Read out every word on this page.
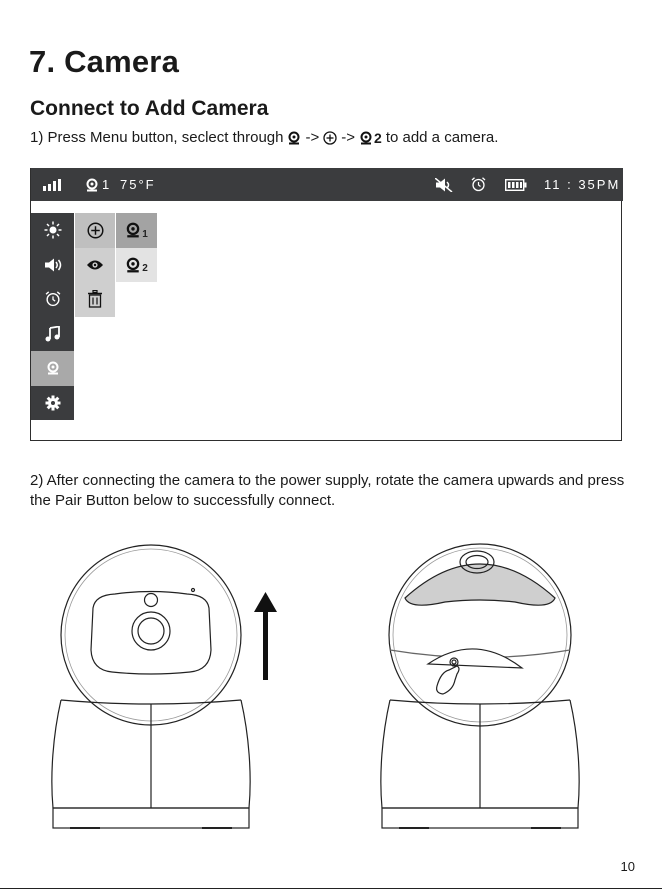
7. Camera
Connect to Add Camera
1) Press Menu button, seclect through -> -> 2 to add a camera.
1 75°F	11 : 35PM
1
2
2) After connecting the camera to the power supply, rotate the camera upwards and press the Pair Button below to successfully connect.
10
